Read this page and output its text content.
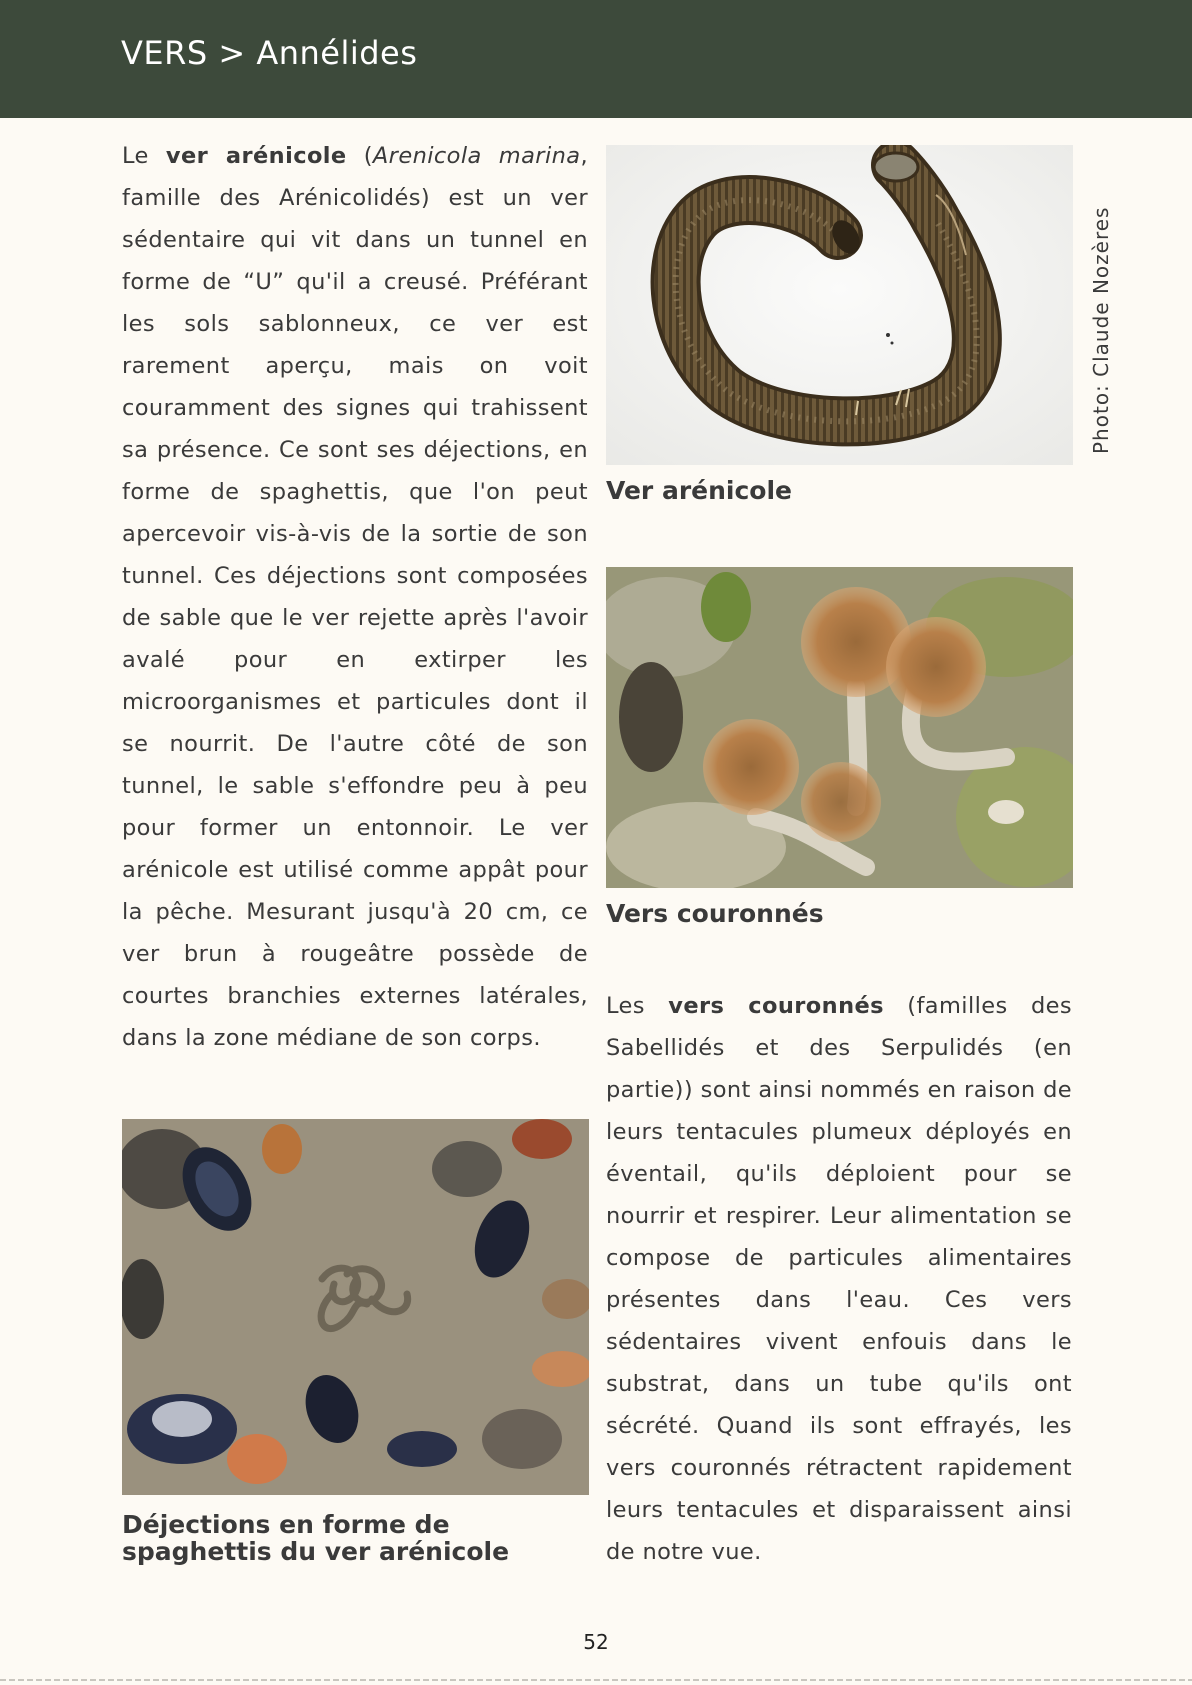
VERS > Annélides

Le ver arénicole (Arenicola marina, famille des Arénicolidés) est un ver sédentaire qui vit dans un tunnel en forme de “U” qu'il a creusé. Préférant les sols sablonneux, ce ver est rarement aperçu, mais on voit couramment des signes qui trahissent sa présence. Ce sont ses déjections, en forme de spaghettis, que l'on peut apercevoir vis-à-vis de la sortie de son tunnel. Ces déjections sont composées de sable que le ver rejette après l'avoir avalé pour en extirper les microorganismes et particules dont il se nourrit. De l'autre côté de son tunnel, le sable s'effondre peu à peu pour former un entonnoir. Le ver arénicole est utilisé comme appât pour la pêche. Mesurant jusqu'à 20 cm, ce ver brun à rougeâtre possède de courtes branchies externes latérales, dans la zone médiane de son corps.

Photo: Claude Nozères
Ver arénicole
Vers couronnés

Les vers couronnés (familles des Sabellidés et des Serpulidés (en partie)) sont ainsi nommés en raison de leurs tentacules plumeux déployés en éventail, qu'ils déploient pour se nourrir et respirer. Leur alimentation se compose de particules alimentaires présentes dans l'eau. Ces vers sédentaires vivent enfouis dans le substrat, dans un tube qu'ils ont sécrété. Quand ils sont effrayés, les vers couronnés rétractent rapidement leurs tentacules et disparaissent ainsi de notre vue.

Déjections en forme de
spaghettis du ver arénicole
52
